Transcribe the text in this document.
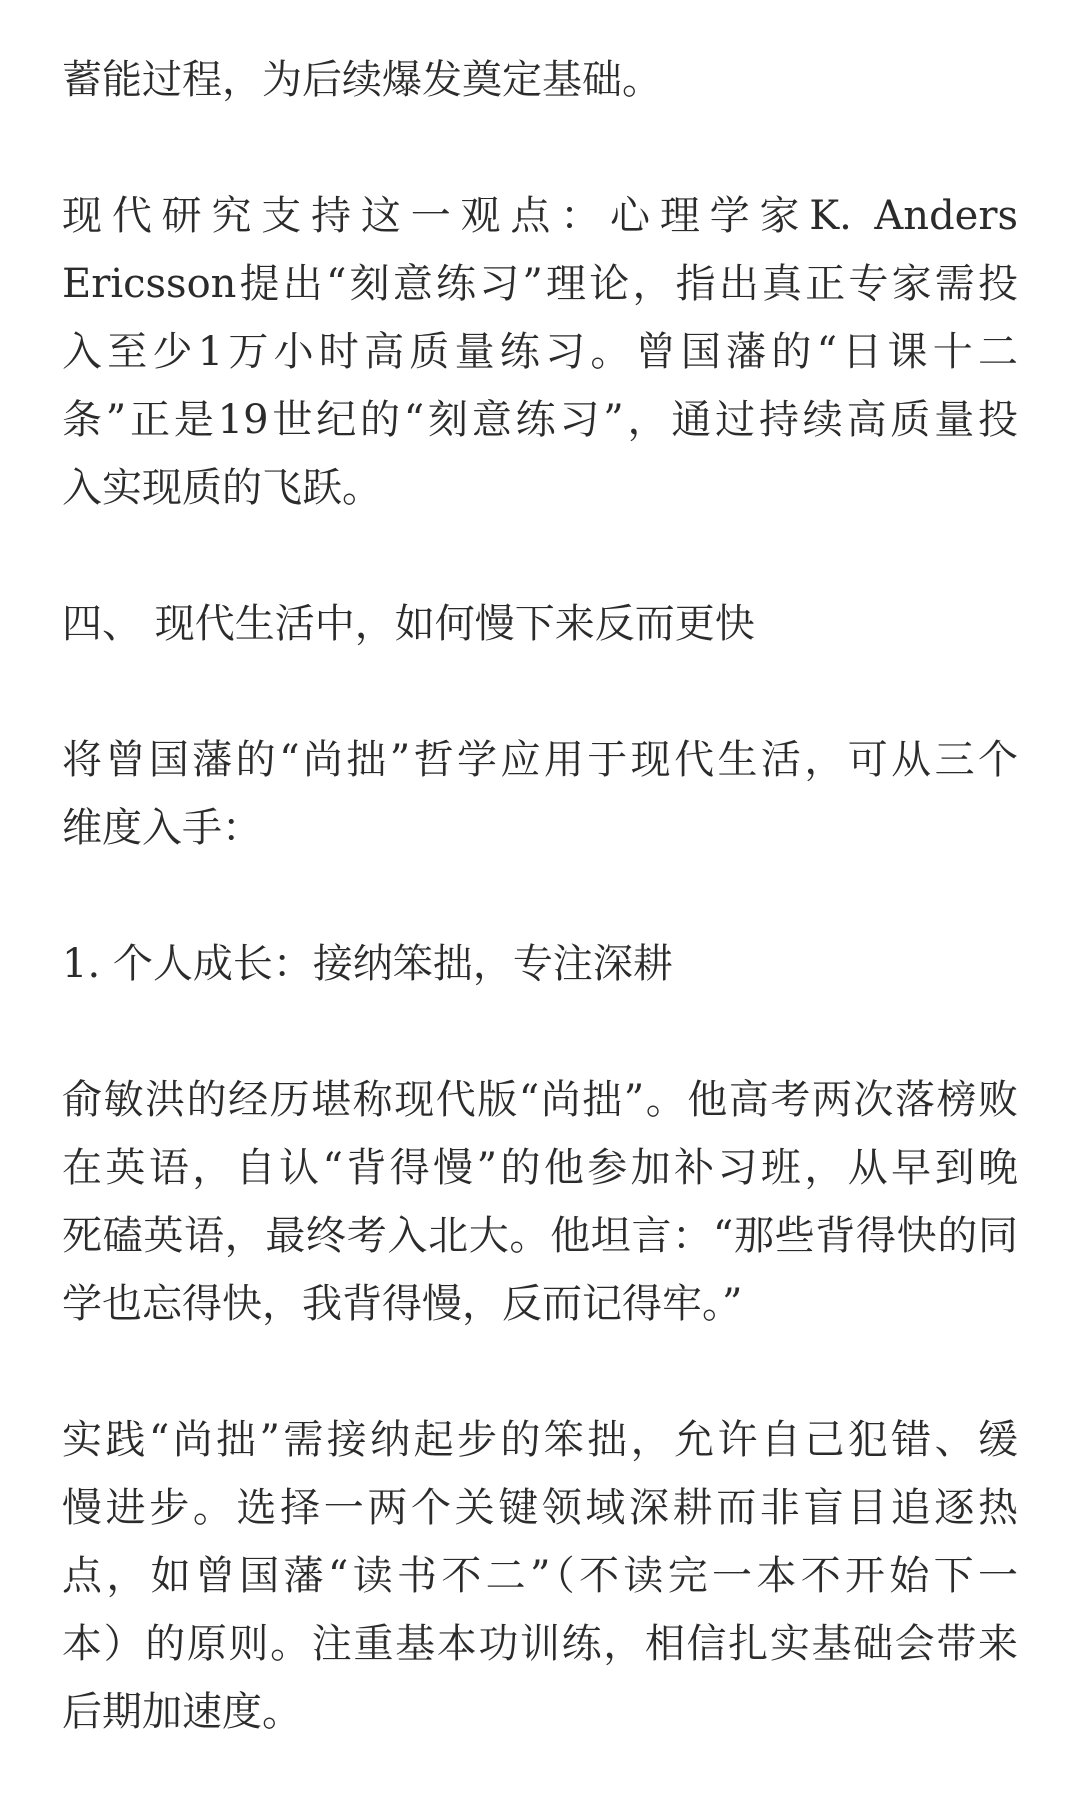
蓄能过程，为后续爆发奠定基础。
现代研究支持这一观点：心理学家K. Anders
Ericsson提出“刻意练习”理论，指出真正专家需投
入至少1万小时高质量练习。曾国藩的“日课十二
条”正是19世纪的“刻意练习”，通过持续高质量投
入实现质的飞跃。
四、 现代生活中，如何慢下来反而更快
将曾国藩的“尚拙”哲学应用于现代生活，可从三个
维度入手：
1. 个人成长：接纳笨拙，专注深耕
俞敏洪的经历堪称现代版“尚拙”。他高考两次落榜败
在英语，自认“背得慢”的他参加补习班，从早到晚
死磕英语，最终考入北大。他坦言：“那些背得快的同
学也忘得快，我背得慢，反而记得牢。”
实践“尚拙”需接纳起步的笨拙，允许自己犯错、缓
慢进步。选择一两个关键领域深耕而非盲目追逐热
点，如曾国藩“读书不二”（不读完一本不开始下一
本）的原则。注重基本功训练，相信扎实基础会带来
后期加速度。
